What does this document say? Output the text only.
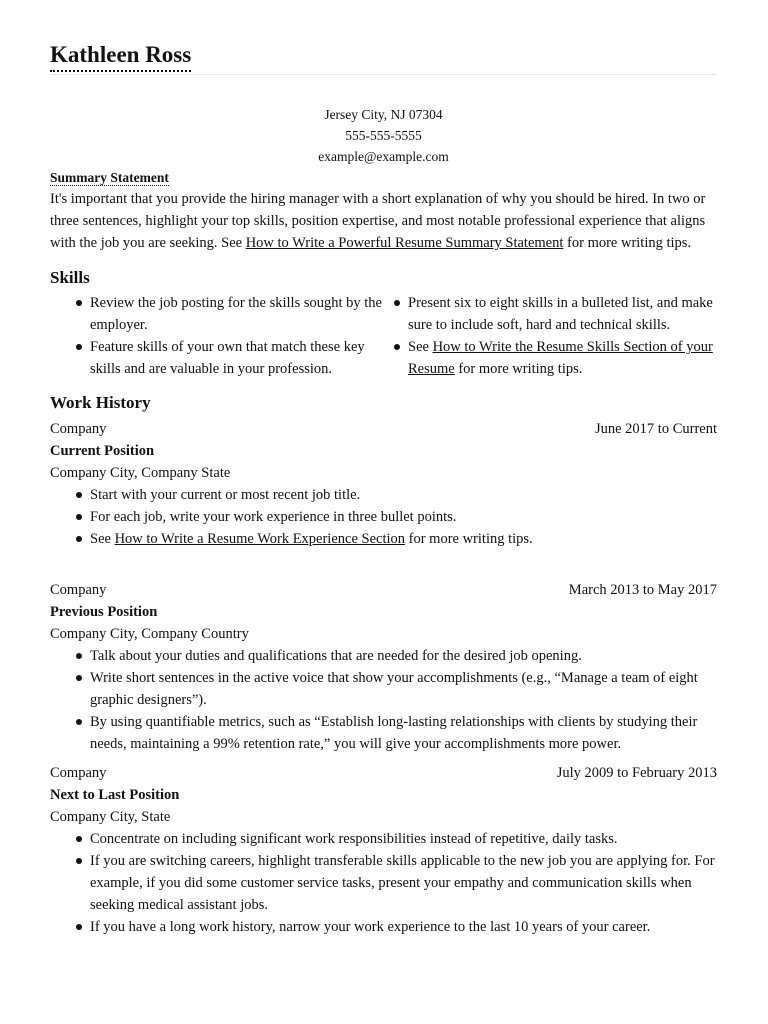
Kathleen Ross
Jersey City, NJ 07304
555-555-5555
example@example.com
Summary Statement

It's important that you provide the hiring manager with a short explanation of why you should be hired. In two or three sentences, highlight your top skills, position expertise, and most notable professional experience that aligns with the job you are seeking. See How to Write a Powerful Resume Summary Statement for more writing tips.

Skills
Review the job posting for the skills sought by the employer.
Feature skills of your own that match these key skills and are valuable in your profession.
Present six to eight skills in a bulleted list, and make sure to include soft, hard and technical skills.
See How to Write the Resume Skills Section of your Resume for more writing tips.
Work History
Company	June 2017 to Current
Current Position
Company City, Company State
Start with your current or most recent job title.
For each job, write your work experience in three bullet points.
See How to Write a Resume Work Experience Section for more writing tips.
Company	March 2013 to May 2017
Previous Position
Company City, Company Country
Talk about your duties and qualifications that are needed for the desired job opening.
Write short sentences in the active voice that show your accomplishments (e.g., “Manage a team of eight graphic designers”).
By using quantifiable metrics, such as “Establish long-lasting relationships with clients by studying their needs, maintaining a 99% retention rate,” you will give your accomplishments more power.
Company	July 2009 to February 2013
Next to Last Position
Company City, State
Concentrate on including significant work responsibilities instead of repetitive, daily tasks.
If you are switching careers, highlight transferable skills applicable to the new job you are applying for. For example, if you did some customer service tasks, present your empathy and communication skills when seeking medical assistant jobs.
If you have a long work history, narrow your work experience to the last 10 years of your career.
